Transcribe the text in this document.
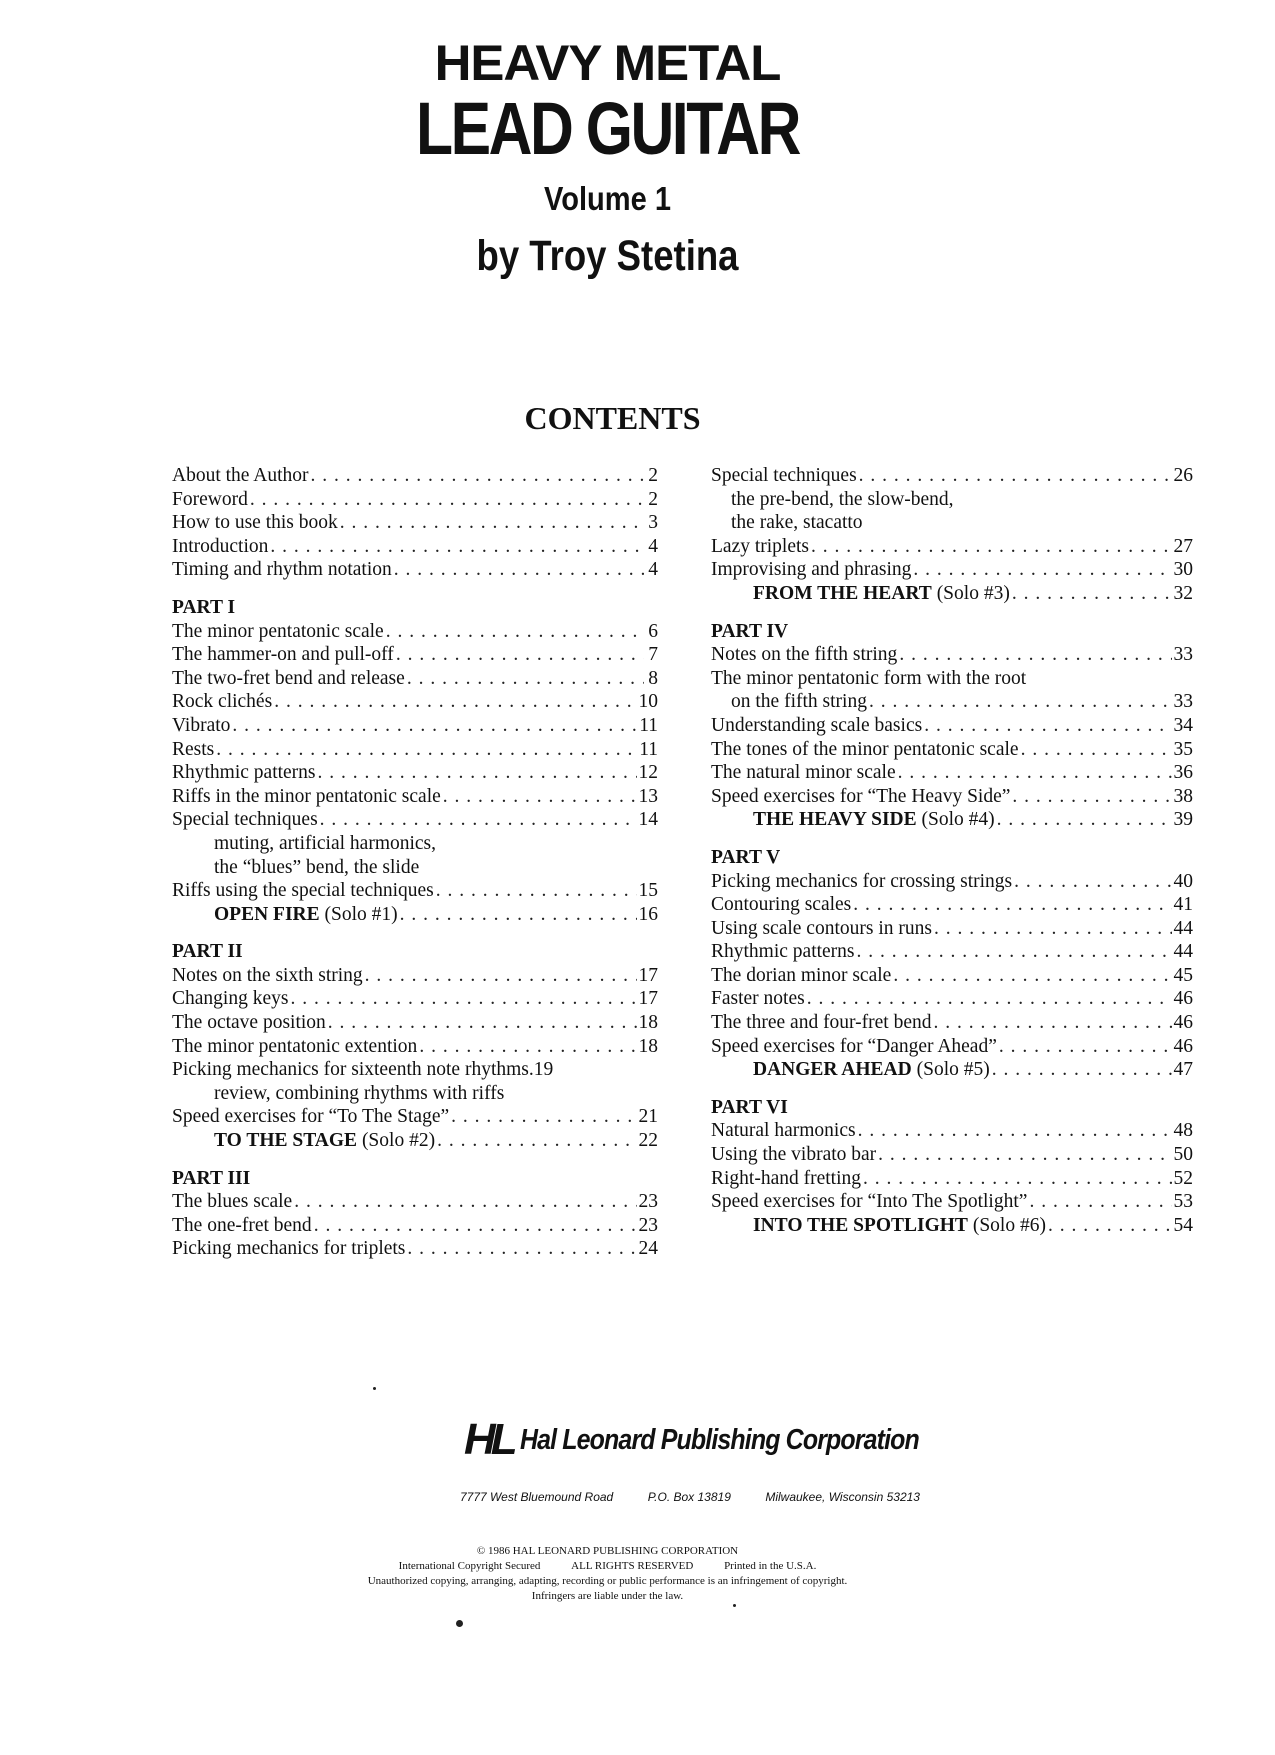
HEAVY METAL
LEAD GUITAR
Volume 1
by Troy Stetina
CONTENTS
About the Author . . .	2
Foreword . . .	2
How to use this book . . .	3
Introduction . . .	4
Timing and rhythm notation . . .	4
PART I
The minor pentatonic scale . . .	6
The hammer-on and pull-off . . .	7
The two-fret bend and release . . .	8
Rock clichés . . .	10
Vibrato . . .	11
Rests . . .	11
Rhythmic patterns . . .	12
Riffs in the minor pentatonic scale . . .	13
Special techniques . . .	14
muting, artificial harmonics,
the “blues” bend, the slide
Riffs using the special techniques . . .	15
OPEN FIRE (Solo #1) . . .	16
PART II
Notes on the sixth string . . .	17
Changing keys . . .	17
The octave position . . .	18
The minor pentatonic extention . . .	18
Picking mechanics for sixteenth note rhythms. 19
review, combining rhythms with riffs
Speed exercises for “To The Stage” . . .	21
TO THE STAGE (Solo #2) . . .	22
PART III
The blues scale . . .	23
The one-fret bend . . .	23
Picking mechanics for triplets . . .	24
Special techniques . . .	26
the pre-bend, the slow-bend,
the rake, stacatto
Lazy triplets . . .	27
Improvising and phrasing . . .	30
FROM THE HEART (Solo #3) . . .	32
PART IV
Notes on the fifth string . . .	33
The minor pentatonic form with the root
on the fifth string . . .	33
Understanding scale basics . . .	34
The tones of the minor pentatonic scale . . .	35
The natural minor scale . . .	36
Speed exercises for “The Heavy Side” . . .	38
THE HEAVY SIDE (Solo #4) . . .	39
PART V
Picking mechanics for crossing strings . . .	40
Contouring scales . . .	41
Using scale contours in runs . . .	44
Rhythmic patterns . . .	44
The dorian minor scale . . .	45
Faster notes . . .	46
The three and four-fret bend . . .	46
Speed exercises for “Danger Ahead” . . .	46
DANGER AHEAD (Solo #5) . . .	47
PART VI
Natural harmonics . . .	48
Using the vibrato bar . . .	50
Right-hand fretting . . .	52
Speed exercises for “Into The Spotlight” . . .	53
INTO THE SPOTLIGHT (Solo #6) . . .	54
HL Hal Leonard Publishing Corporation
7777 West Bluemound Road	P.O. Box 13819	Milwaukee, Wisconsin 53213
© 1986 HAL LEONARD PUBLISHING CORPORATION
International Copyright Secured	ALL RIGHTS RESERVED	Printed in the U.S.A.
Unauthorized copying, arranging, adapting, recording or public performance is an infringement of copyright.
Infringers are liable under the law.
